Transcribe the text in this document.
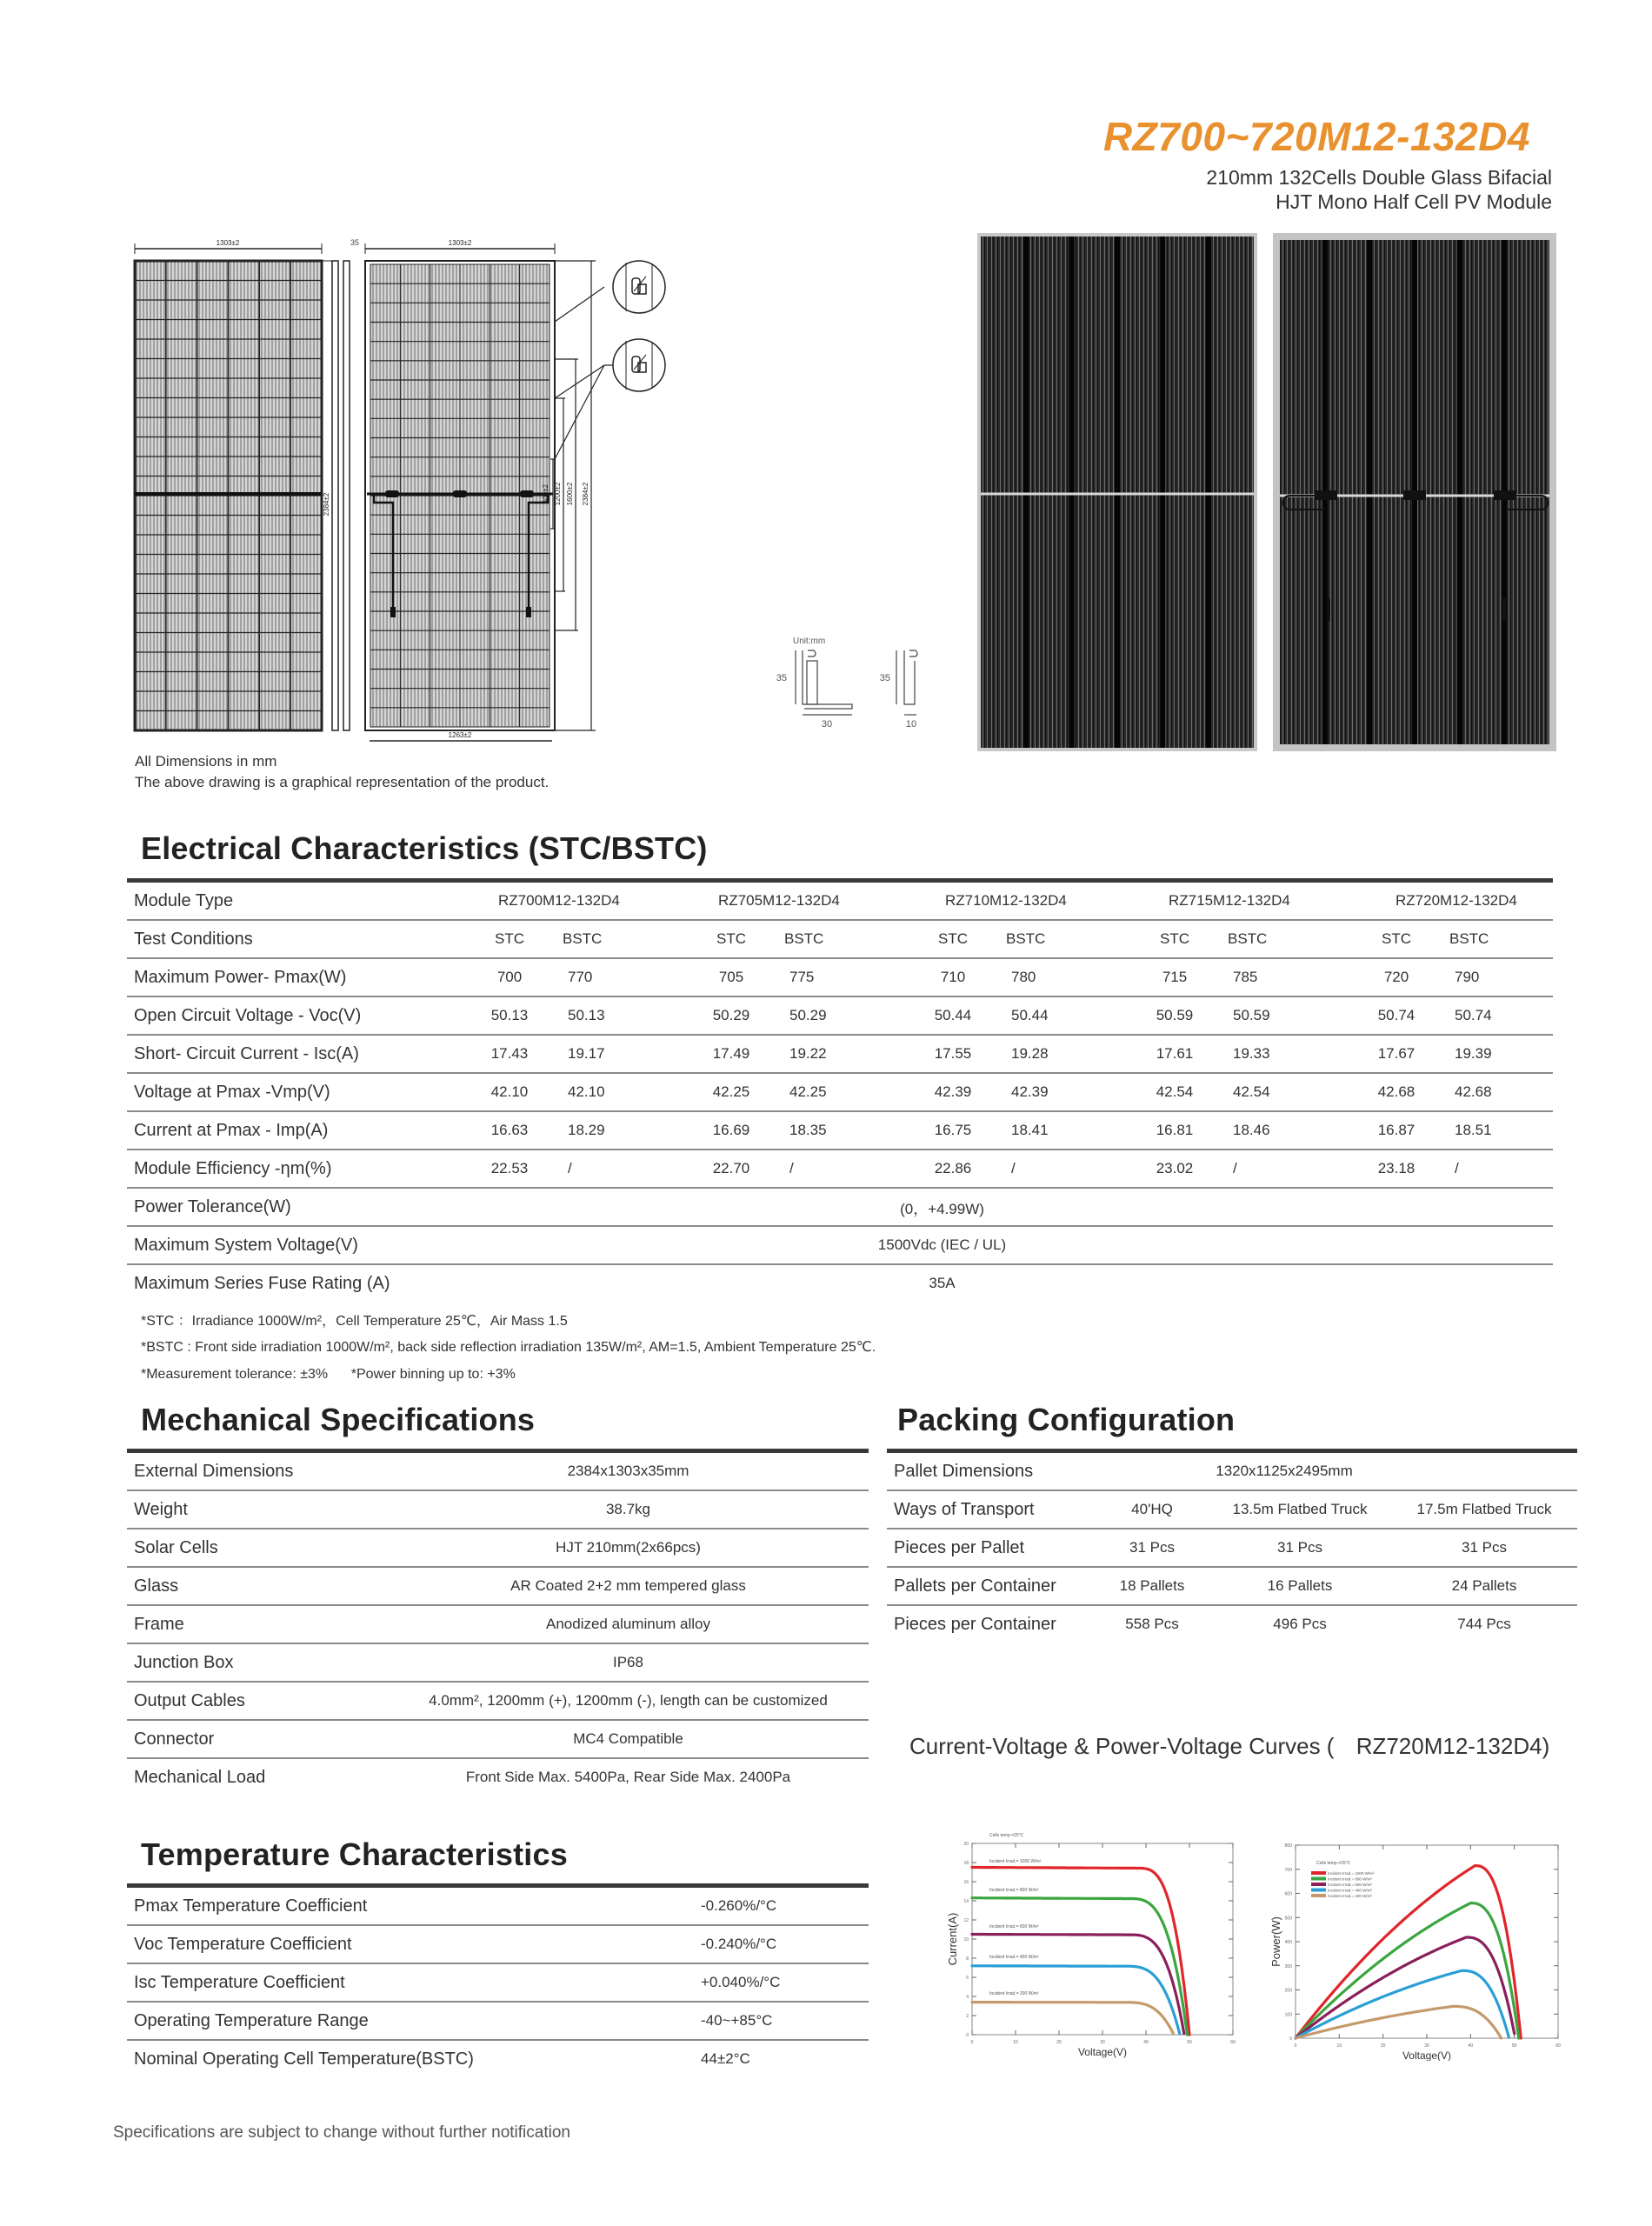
RZ700~720M12-132D4
210mm 132Cells Double Glass Bifacial
HJT Mono Half Cell PV Module
1303±2	35
2384±2
1303±2
1263±2
400±2 1200±2 1600±2 2384±2
Unit:mm
35
30
35
10
All Dimensions in mm
The above drawing is a graphical representation of the product.
Electrical Characteristics (STC/BSTC)
Module Type	RZ700M12-132D4		RZ705M12-132D4		RZ710M12-132D4		RZ715M12-132D4		RZ720M12-132D4	
Test Conditions	STC	BSTC	STC	BSTC	STC	BSTC	STC	BSTC	STC	BSTC
Maximum Power- Pmax(W)	700	770	705	775	710	780	715	785	720	790
Open Circuit Voltage - Voc(V)	50.13	50.13	50.29	50.29	50.44	50.44	50.59	50.59	50.74	50.74
Short- Circuit Current - Isc(A)	17.43	19.17	17.49	19.22	17.55	19.28	17.61	19.33	17.67	19.39
Voltage at Pmax -Vmp(V)	42.10	42.10	42.25	42.25	42.39	42.39	42.54	42.54	42.68	42.68
Current at Pmax - Imp(A)	16.63	18.29	16.69	18.35	16.75	18.41	16.81	18.46	16.87	18.51
Module Efficiency -ηm(%)	22.53	/	22.70	/	22.86	/	23.02	/	23.18	/
Power Tolerance(W)	(0，+4.99W)									
Maximum System Voltage(V)	1500Vdc (IEC / UL)									
Maximum Series Fuse Rating (A)	35A									
*STC ：Irradiance 1000W/m²，Cell Temperature 25℃，Air Mass 1.5
*BSTC : Front side irradiation 1000W/m², back side reflection irradiation 135W/m², AM=1.5, Ambient Temperature 25℃.
*Measurement tolerance: ±3%      *Power binning up to: +3%
Mechanical Specifications
External Dimensions	2384x1303x35mm
Weight	38.7kg
Solar Cells	HJT 210mm(2x66pcs)
Glass	AR Coated 2+2 mm tempered glass
Frame	Anodized aluminum alloy
Junction Box	IP68
Output Cables	4.0mm², 1200mm (+), 1200mm (-), length can be customized
Connector	MC4 Compatible
Mechanical Load	Front Side Max. 5400Pa, Rear Side Max. 2400Pa
Packing Configuration
Pallet Dimensions	1320x1125x2495mm		
Ways of Transport	40'HQ	13.5m Flatbed Truck	17.5m Flatbed Truck
Pieces per Pallet	31 Pcs	31 Pcs	31 Pcs
Pallets per Container	18 Pallets	16 Pallets	24 Pallets
Pieces per Container	558 Pcs	496 Pcs	744 Pcs
Temperature Characteristics
Pmax Temperature Coefficient	-0.260%/°C
Voc Temperature Coefficient	-0.240%/°C
Isc Temperature Coefficient	+0.040%/°C
Operating Temperature Range	-40~+85°C
Nominal Operating Cell Temperature(BSTC)	44±2°C
Current-Voltage & Power-Voltage Curves ( RZ720M12-132D4)
0	10	20	30	40	50	60
0
2
4
6
8
10
12
14
16
18
20
Voltage(V)
Current(A)
Cells temp.=25°C
Incident Irrad.= 1000 W/m²
Incident Irrad.= 800 W/m²
Incident Irrad.= 600 W/m²
Incident Irrad.= 400 W/m²
Incident Irrad.= 200 W/m²
0	10	20	30	40	50	60
0
100
200
300
400
500
600
700
800
Voltage(V)
Power(W)
Cells temp.=25°C
Incident Irrad.= 1000 W/m²
Incident Irrad.= 800 W/m²
Incident Irrad.= 600 W/m²
Incident Irrad.= 400 W/m²
Incident Irrad.= 200 W/m²
Specifications are subject to change without further notification
